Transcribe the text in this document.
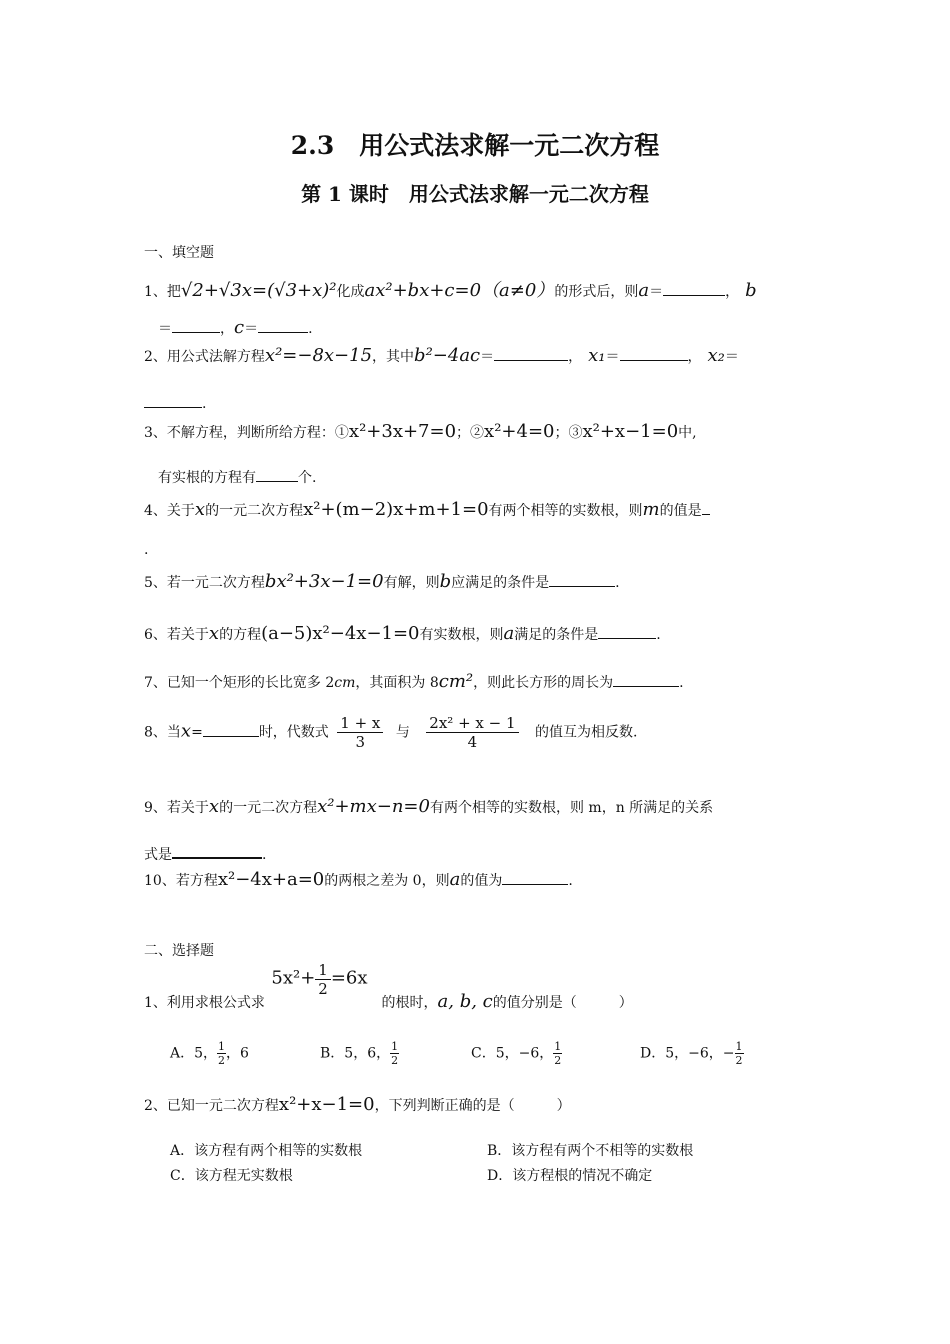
2.3　用公式法求解一元二次方程
第 1 课时　用公式法求解一元二次方程
一、填空题
1、把√2+√3x=(√3+x)²化成ax²+bx+c=0（a≠0）的形式后，则a＝	， b
＝	，c＝	.
2、用公式法解方程x²=−8x−15，其中b²−4ac＝	， x₁＝	， x₂＝
.
3、不解方程，判断所给方程：①x²+3x+7=0；②x²+4=0；③x²+x−1=0中,
有实根的方程有	个.
4、关于x的一元二次方程x²+(m−2)x+m+1=0有两个相等的实数根，则m的值是
.
5、若一元二次方程bx²+3x−1=0有解，则b应满足的条件是	.
6、若关于x的方程(a−5)x²−4x−1=0有实数根，则a满足的条件是	.
7、已知一个矩形的长比宽多 2cm，其面积为 8cm²，则此长方形的周长为	.
8、当x=	时，代数式 $\frac{1 + x}{3}$ 与 $\frac{\text{2x² + x − 1}}{4}$ 的值互为相反数.
9、若关于x的一元二次方程x²+mx−n=0有两个相等的实数根，则 m，n 所满足的关系
式是	.
10、若方程x²−4x+a=0的两根之差为 0，则a的值为	.
二、选择题
1、利用求根公式求 $5x^2+ \frac{1}{2} =6x$的根时，a, b, c的值分别是（　　　）
A．5， $\frac{1}{2}$ ，6	B．5，6， $\frac{1}{2}$	C．5，−6， $\frac{1}{2}$	D．5，−6，− $\frac{1}{2}$
2、已知一元二次方程x²+x−1=0，下列判断正确的是（　　　）
A．该方程有两个相等的实数根	B．该方程有两个不相等的实数根
C．该方程无实数根	D．该方程根的情况不确定
